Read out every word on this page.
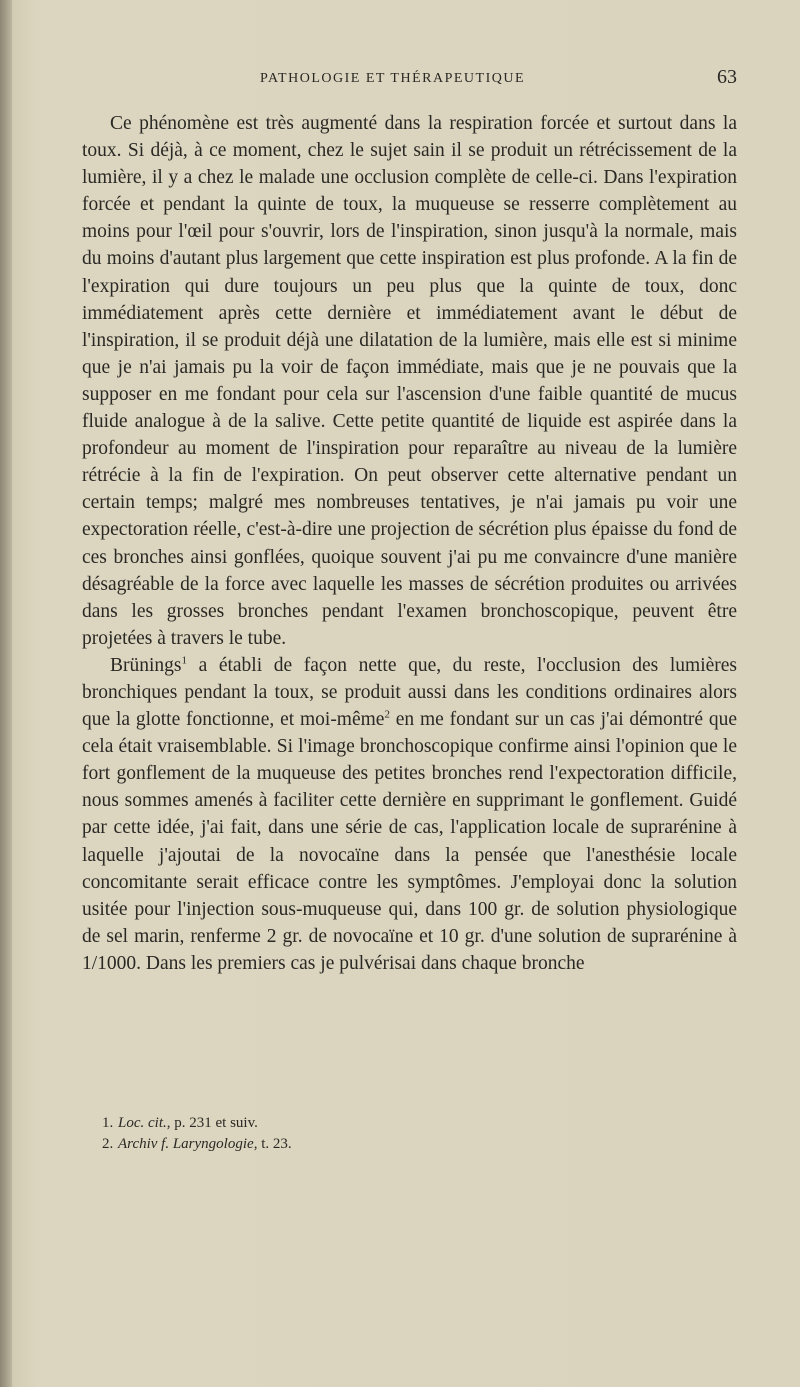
PATHOLOGIE ET THÉRAPEUTIQUE	63

Ce phénomène est très augmenté dans la respiration forcée et surtout dans la toux. Si déjà, à ce moment, chez le sujet sain il se produit un rétrécissement de la lumière, il y a chez le malade une occlusion complète de celle-ci. Dans l'expiration forcée et pendant la quinte de toux, la muqueuse se resserre complètement au moins pour l'œil pour s'ouvrir, lors de l'inspiration, sinon jusqu'à la normale, mais du moins d'autant plus largement que cette inspiration est plus profonde. A la fin de l'expiration qui dure toujours un peu plus que la quinte de toux, donc immédiatement après cette dernière et immédiatement avant le début de l'inspiration, il se produit déjà une dilatation de la lumière, mais elle est si minime que je n'ai jamais pu la voir de façon immédiate, mais que je ne pouvais que la supposer en me fondant pour cela sur l'ascension d'une faible quantité de mucus fluide analogue à de la salive. Cette petite quantité de liquide est aspirée dans la profondeur au moment de l'inspiration pour reparaître au niveau de la lumière rétrécie à la fin de l'expiration. On peut observer cette alternative pendant un certain temps; malgré mes nombreuses tentatives, je n'ai jamais pu voir une expectoration réelle, c'est-à-dire une projection de sécrétion plus épaisse du fond de ces bronches ainsi gonflées, quoique souvent j'ai pu me convaincre d'une manière désagréable de la force avec laquelle les masses de sécrétion produites ou arrivées dans les grosses bronches pendant l'examen bronchoscopique, peuvent être projetées à travers le tube.

Brünings$^1$ a établi de façon nette que, du reste, l'occlusion des lumières bronchiques pendant la toux, se produit aussi dans les conditions ordinaires alors que la glotte fonctionne, et moi-même$^2$ en me fondant sur un cas j'ai démontré que cela était vraisemblable. Si l'image bronchoscopique confirme ainsi l'opinion que le fort gonflement de la muqueuse des petites bronches rend l'expectoration difficile, nous sommes amenés à faciliter cette dernière en supprimant le gonflement. Guidé par cette idée, j'ai fait, dans une série de cas, l'application locale de suprarénine à laquelle j'ajoutai de la novocaïne dans la pensée que l'anesthésie locale concomitante serait efficace contre les symptômes. J'employai donc la solution usitée pour l'injection sous-muqueuse qui, dans 100 gr. de solution physiologique de sel marin, renferme 2 gr. de novocaïne et 10 gr. d'une solution de suprarénine à 1/1000. Dans les premiers cas je pulvérisai dans chaque bronche

1. Loc. cit., p. 231 et suiv.
2. Archiv f. Laryngologie, t. 23.
